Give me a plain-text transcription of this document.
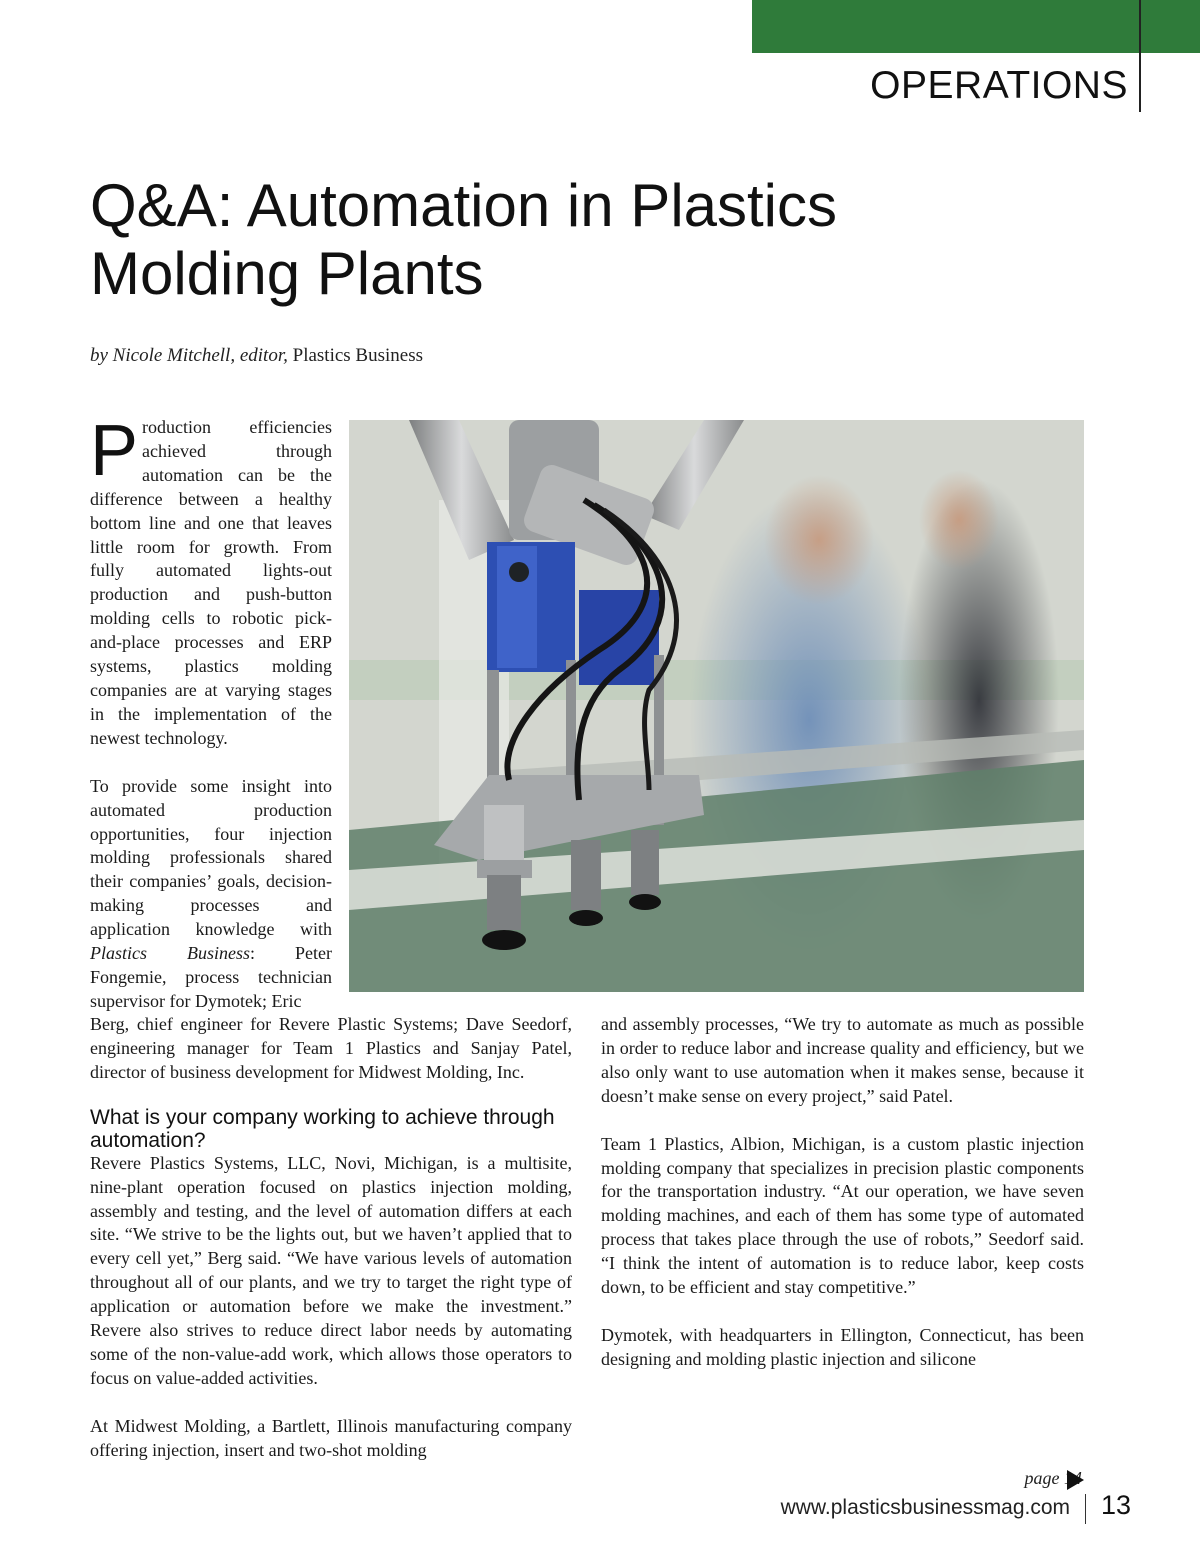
OPERATIONS
Q&A: Automation in Plastics Molding Plants
by Nicole Mitchell, editor, Plastics Business

Production efficiencies achieved through automation can be the difference between a healthy bottom line and one that leaves little room for growth. From fully automated lights-out production and push-button molding cells to robotic pick-and-place processes and ERP systems, plastics molding companies are at varying stages in the implementation of the newest technology.

To provide some insight into automated production opportunities, four injection molding professionals shared their companies’ goals, decision-making processes and application knowledge with Plastics Business: Peter Fongemie, process technician supervisor for Dymotek; Eric

Berg, chief engineer for Revere Plastic Systems; Dave Seedorf, engineering manager for Team 1 Plastics and Sanjay Patel, director of business development for Midwest Molding, Inc.

What is your company working to achieve through automation?

Revere Plastics Systems, LLC, Novi, Michigan, is a multisite, nine-plant operation focused on plastics injection molding, assembly and testing, and the level of automation differs at each site. “We strive to be the lights out, but we haven’t applied that to every cell yet,” Berg said. “We have various levels of automation throughout all of our plants, and we try to target the right type of application or automation before we make the investment.” Revere also strives to reduce direct labor needs by automating some of the non-value-add work, which allows those operators to focus on value-added activities.

At Midwest Molding, a Bartlett, Illinois manufacturing company offering injection, insert and two-shot molding

and assembly processes, “We try to automate as much as possible in order to reduce labor and increase quality and efficiency, but we also only want to use automation when it makes sense, because it doesn’t make sense on every project,” said Patel.

Team 1 Plastics, Albion, Michigan, is a custom plastic injection molding company that specializes in precision plastic components for the transportation industry. “At our operation, we have seven molding machines, and each of them has some type of automated process that takes place through the use of robots,” Seedorf said. “I think the intent of automation is to reduce labor, keep costs down, to be efficient and stay competitive.”

Dymotek, with headquarters in Ellington, Connecticut, has been designing and molding plastic injection and silicone

page 14
www.plasticsbusinessmag.com 13
